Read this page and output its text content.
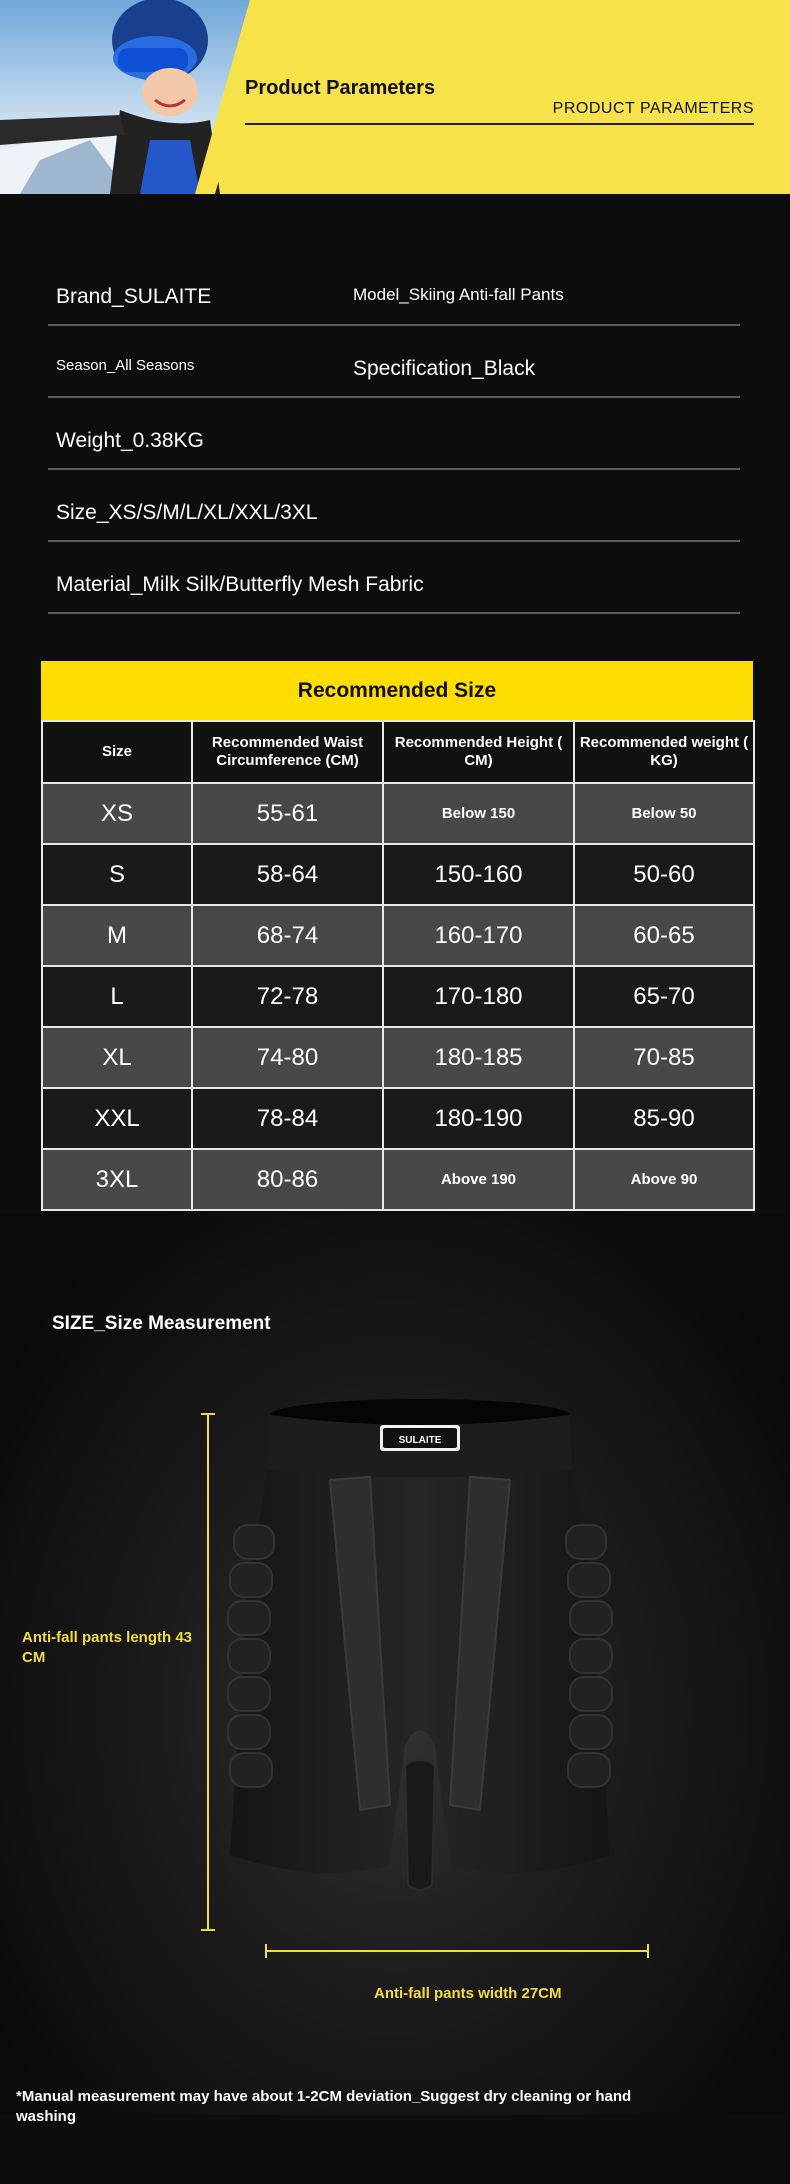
Product Parameters
PRODUCT PARAMETERS
Brand_SULAITE	Model_Skiing Anti-fall Pants
Season_All Seasons	Specification_Black
Weight_0.38KG
Size_XS/S/M/L/XL/XXL/3XL
Material_Milk Silk/Butterfly Mesh Fabric
Recommended Size
Size	Recommended Waist Circumference (CM)	Recommended Height ( CM)	Recommended weight ( KG)
XS	55-61	Below 150	Below 50
S	58-64	150-160	50-60
M	68-74	160-170	60-65
L	72-78	170-180	65-70
XL	74-80	180-185	70-85
XXL	78-84	180-190	85-90
3XL	80-86	Above 190	Above 90
SIZE_Size Measurement
Anti-fall pants length 43 CM
SULAITE
Anti-fall pants width 27CM
*Manual measurement may have about 1-2CM deviation_Suggest dry cleaning or hand washing
